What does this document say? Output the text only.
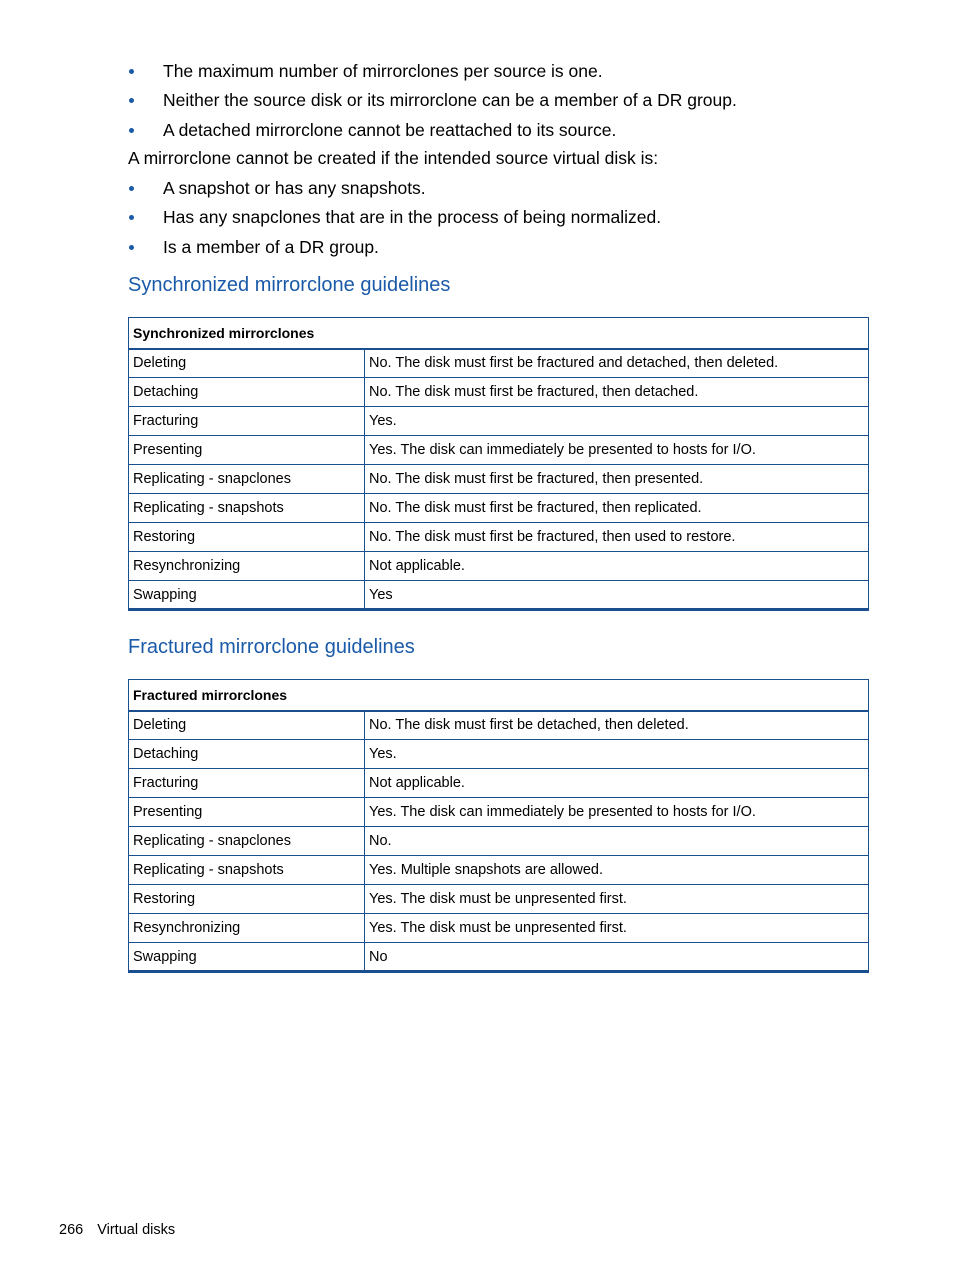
The maximum number of mirrorclones per source is one.
Neither the source disk or its mirrorclone can be a member of a DR group.
A detached mirrorclone cannot be reattached to its source.
A mirrorclone cannot be created if the intended source virtual disk is:
A snapshot or has any snapshots.
Has any snapclones that are in the process of being normalized.
Is a member of a DR group.
Synchronized mirrorclone guidelines
Synchronized mirrorclones	
Deleting	No. The disk must first be fractured and detached, then deleted.
Detaching	No. The disk must first be fractured, then detached.
Fracturing	Yes.
Presenting	Yes. The disk can immediately be presented to hosts for I/O.
Replicating - snapclones	No. The disk must first be fractured, then presented.
Replicating - snapshots	No. The disk must first be fractured, then replicated.
Restoring	No. The disk must first be fractured, then used to restore.
Resynchronizing	Not applicable.
Swapping	Yes
Fractured mirrorclone guidelines
Fractured mirrorclones	
Deleting	No. The disk must first be detached, then deleted.
Detaching	Yes.
Fracturing	Not applicable.
Presenting	Yes. The disk can immediately be presented to hosts for I/O.
Replicating - snapclones	No.
Replicating - snapshots	Yes. Multiple snapshots are allowed.
Restoring	Yes. The disk must be unpresented first.
Resynchronizing	Yes. The disk must be unpresented first.
Swapping	No
266 Virtual disks
